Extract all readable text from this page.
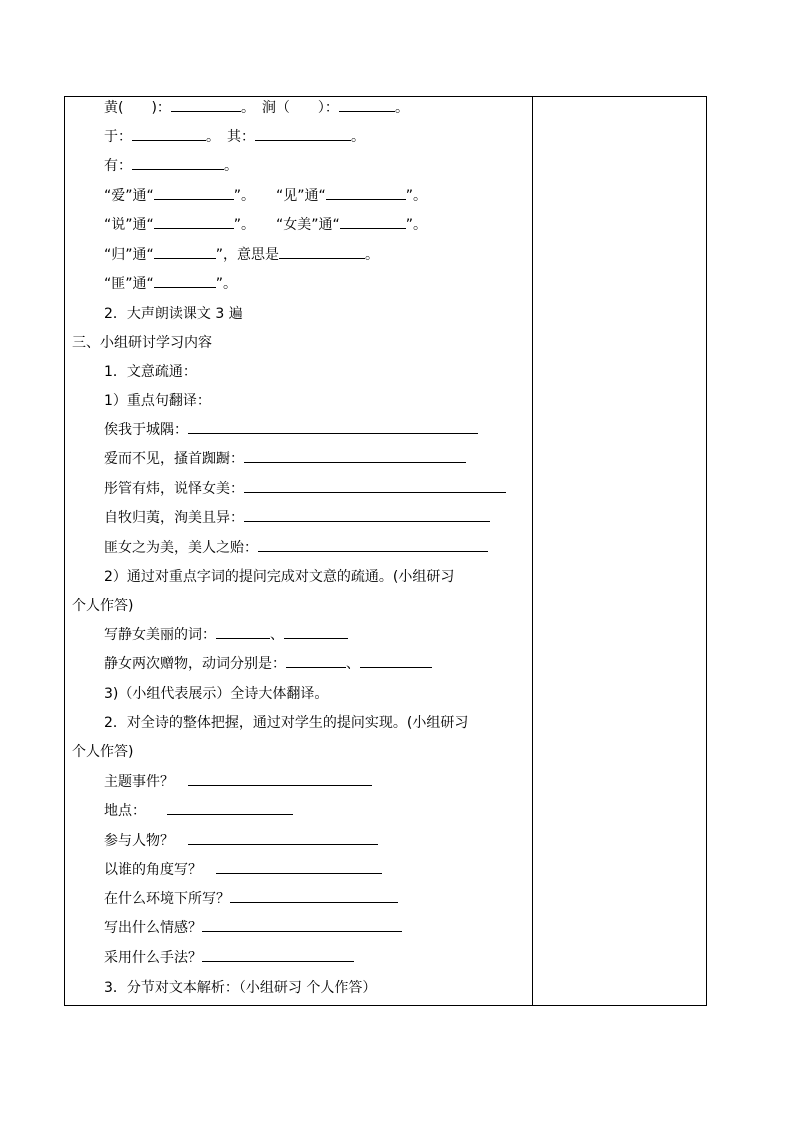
黄(　　)：	。　涧（　　）：	。
于：	。　其：	。
有：	。
“爱”通“	”。　　“见”通“	”。
“说”通“	”。　　“女美”通“	”。
“归”通“	”，意思是	。
“匪”通“	”。
2．大声朗读课文 3 遍
三、小组研讨学习内容
1．文意疏通：
1）重点句翻译：
俟我于城隅：
爱而不见，搔首踟蹰：
彤管有炜，说怿女美：
自牧归荑，洵美且异：
匪女之为美，美人之贻：
2）通过对重点字词的提问完成对文意的疏通。(小组研习
个人作答)
写静女美丽的词：	、
静女两次赠物，动词分别是：	、
3)（小组代表展示）全诗大体翻译。
2．对全诗的整体把握，通过对学生的提问实现。(小组研习
个人作答)
主题事件？　
地点：　　
参与人物？　
以谁的角度写？　
在什么环境下所写？
写出什么情感？
采用什么手法？
3．分节对文本解析：（小组研习 个人作答）
